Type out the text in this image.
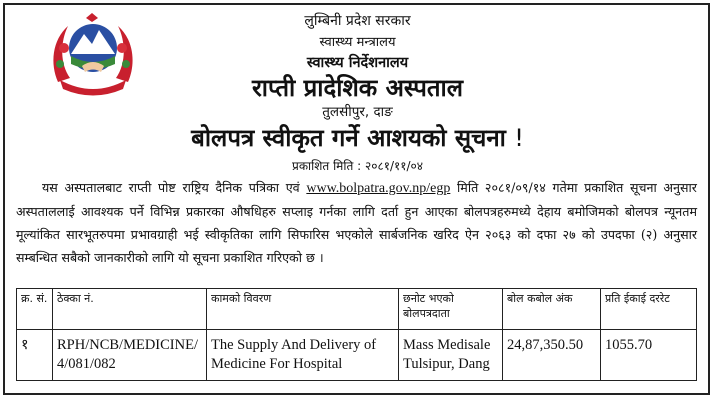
लुम्बिनी प्रदेश सरकार
स्वास्थ्य मन्त्रालय
स्वास्थ्य निर्देशनालय
राप्ती प्रादेशिक अस्पताल
तुलसीपुर, दाङ
बोलपत्र स्वीकृत गर्ने आशयको सूचना !
प्रकाशित मिति : २०८१/११/०४
यस अस्पतालबाट राप्ती पोष्ट राष्ट्रिय दैनिक पत्रिका एवं www.bolpatra.gov.np/egp मिति २०८१/०९/१४ गतेमा प्रकाशित सूचना अनुसार अस्पताललाई आवश्यक पर्ने विभिन्न प्रकारका औषधिहरु सप्लाइ गर्नका लागि दर्ता हुन आएका बोलपत्रहरुमध्ये देहाय बमोजिमको बोलपत्र न्यूनतम मूल्यांकित सारभूतरुपमा प्रभावग्राही भई स्वीकृतिका लागि सिफारिस भएकोले सार्बजनिक खरिद ऐन २०६३ को दफा २७ को उपदफा (२) अनुसार सम्बन्धित सबैको जानकारीको लागि यो सूचना प्रकाशित गरिएको छ ।
क्र. सं.	ठेक्का नं.	कामको विवरण	छनोट भएको बोलपत्रदाता	बोल कबोल अंक	प्रति ईकाई दररेट
१	RPH/NCB/MEDICINE/ 4/081/082	The Supply And Delivery of Medicine For Hospital	Mass Medisale Tulsipur, Dang	24,87,350.50	1055.70
